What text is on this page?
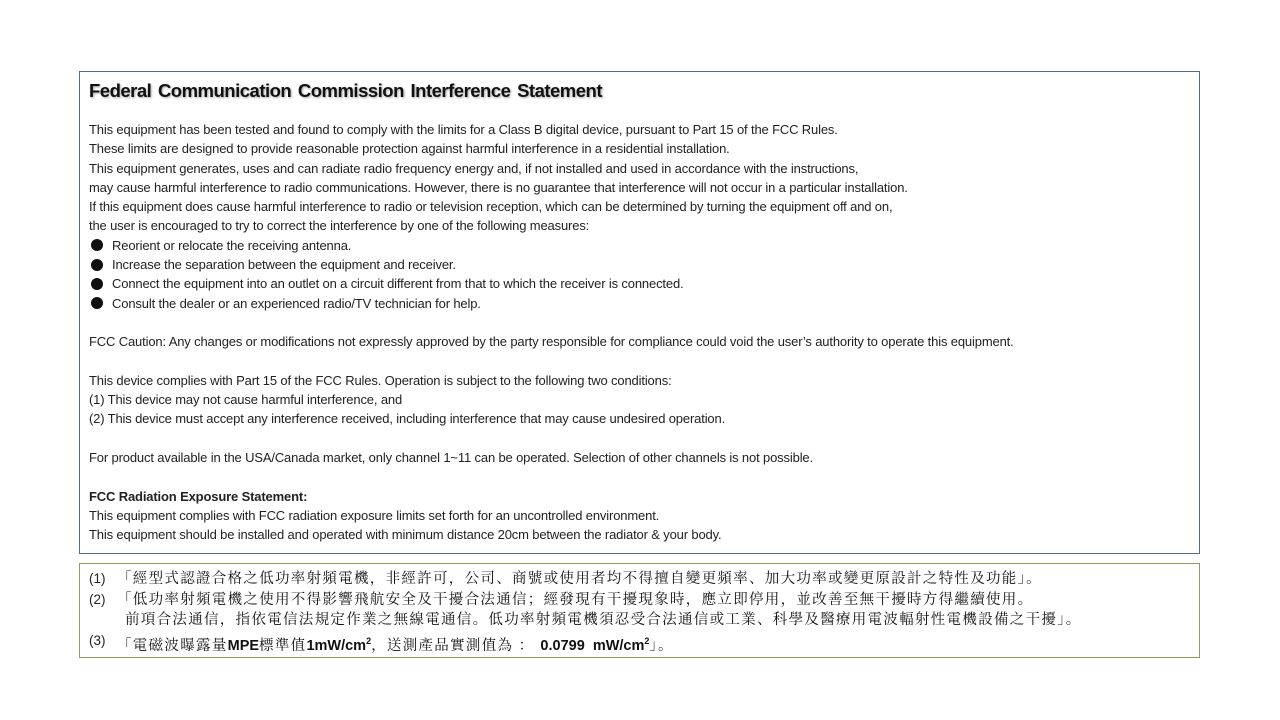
Federal Communication Commission Interference Statement
This equipment has been tested and found to comply with the limits for a Class B digital device, pursuant to Part 15 of the FCC Rules.
These limits are designed to provide reasonable protection against harmful interference in a residential installation.
This equipment generates, uses and can radiate radio frequency energy and, if not installed and used in accordance with the instructions,
may cause harmful interference to radio communications. However, there is no guarantee that interference will not occur in a particular installation.
If this equipment does cause harmful interference to radio or television reception, which can be determined by turning the equipment off and on,
the user is encouraged to try to correct the interference by one of the following measures:
Reorient or relocate the receiving antenna.
Increase the separation between the equipment and receiver.
Connect the equipment into an outlet on a circuit different from that to which the receiver is connected.
Consult the dealer or an experienced radio/TV technician for help.
FCC Caution: Any changes or modifications not expressly approved by the party responsible for compliance could void the user’s authority to operate this equipment.
This device complies with Part 15 of the FCC Rules. Operation is subject to the following two conditions:
(1) This device may not cause harmful interference, and
(2) This device must accept any interference received, including interference that may cause undesired operation.
For product available in the USA/Canada market, only channel 1~11 can be operated. Selection of other channels is not possible.
FCC Radiation Exposure Statement:
This equipment complies with FCC radiation exposure limits set forth for an uncontrolled environment.
This equipment should be installed and operated with minimum distance 20cm between the radiator & your body.
(1) 「經型式認證合格之低功率射頻電機，非經許可，公司、商號或使用者均不得擅自變更頻率、加大功率或變更原設計之特性及功能」。
(2) 「低功率射頻電機之使用不得影響飛航安全及干擾合法通信；經發現有干擾現象時，應立即停用，並改善至無干擾時方得繼續使用。
前項合法通信，指依電信法規定作業之無線電通信。低功率射頻電機須忍受合法通信或工業、科學及醫療用電波輻射性電機設備之干擾」。
(3) 「電磁波曝露量MPE標準值$1mW/cm^2$，送測產品實測值為 ： 0.0799  $mW/cm^2$」。
